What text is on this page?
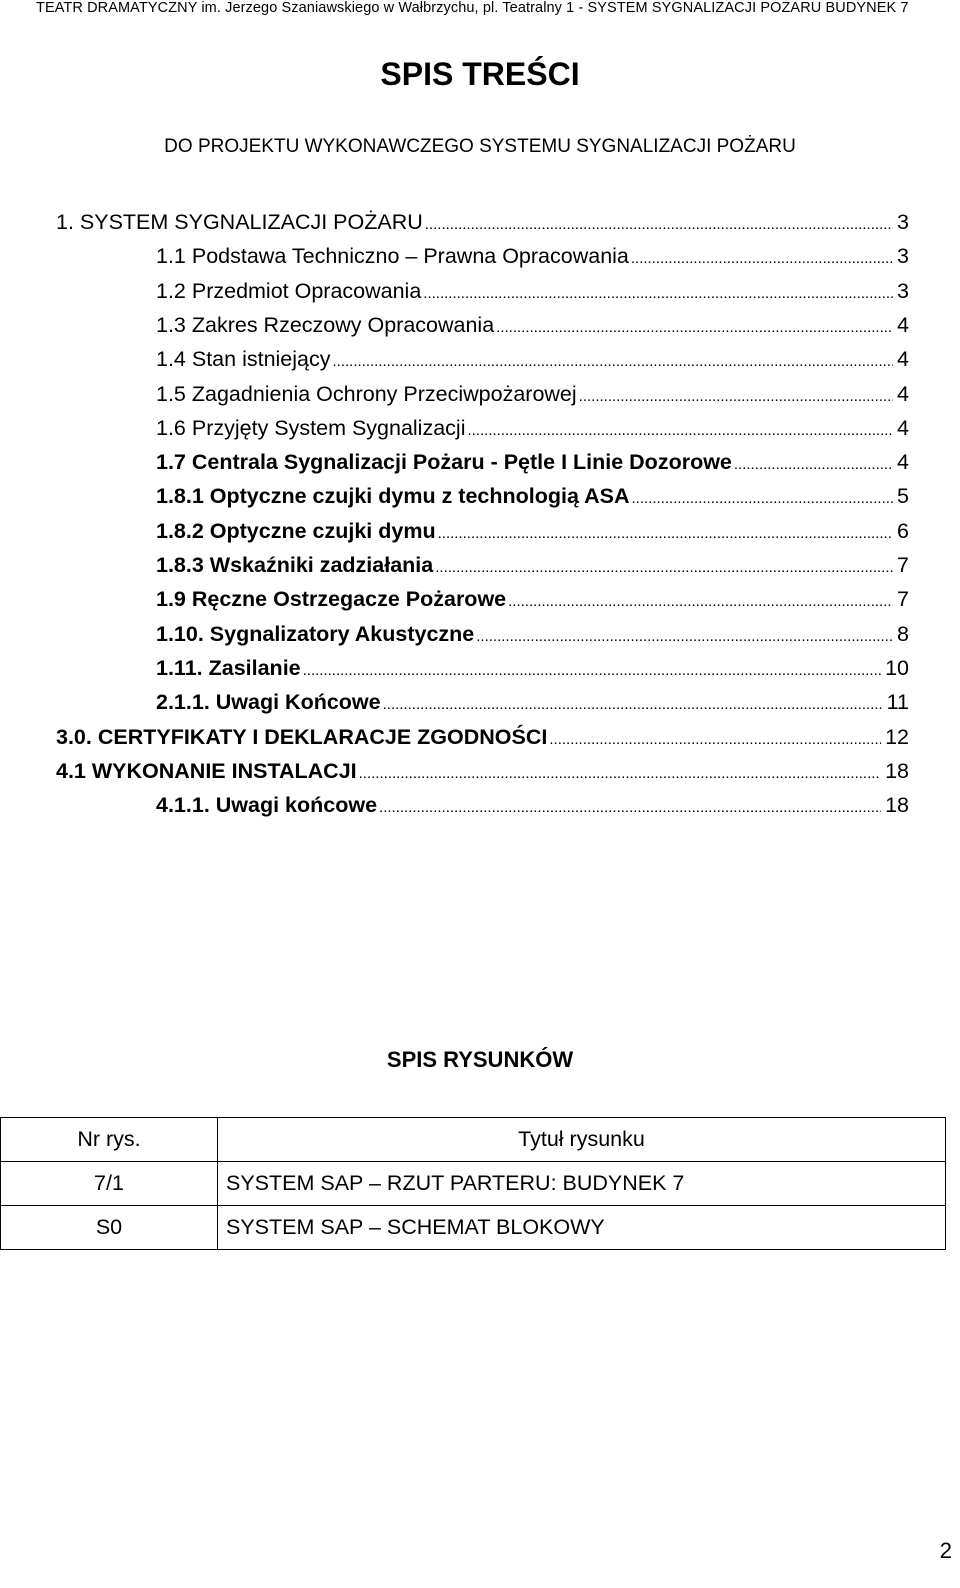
TEATR DRAMATYCZNY im. Jerzego Szaniawskiego w Wałbrzychu, pl. Teatralny 1 - SYSTEM SYGNALIZACJI POŻARU BUDYNEK 7
SPIS TREŚCI
DO PROJEKTU WYKONAWCZEGO SYSTEMU SYGNALIZACJI POŻARU
1. SYSTEM SYGNALIZACJI POŻARU .....	3
1.1 Podstawa Techniczno – Prawna Opracowania .....	3
1.2 Przedmiot Opracowania .....	3
1.3 Zakres Rzeczowy Opracowania .....	4
1.4 Stan istniejący .....	4
1.5 Zagadnienia Ochrony Przeciwpożarowej .....	4
1.6 Przyjęty System Sygnalizacji .....	4
1.7 Centrala Sygnalizacji Pożaru - Pętle I Linie Dozorowe .....	4
1.8.1 Optyczne czujki dymu z technologią ASA .....	5
1.8.2 Optyczne czujki dymu .....	6
1.8.3 Wskaźniki zadziałania .....	7
1.9 Ręczne Ostrzegacze Pożarowe .....	7
1.10. Sygnalizatory Akustyczne .....	8
1.11. Zasilanie .....	10
2.1.1. Uwagi Końcowe .....	11
3.0. CERTYFIKATY I DEKLARACJE ZGODNOŚCI .....	12
4.1 WYKONANIE INSTALACJI .....	18
4.1.1. Uwagi końcowe .....	18
SPIS RYSUNKÓW
Nr rys.	Tytuł rysunku
7/1	SYSTEM SAP – RZUT PARTERU: BUDYNEK 7
S0	SYSTEM SAP – SCHEMAT BLOKOWY
2
